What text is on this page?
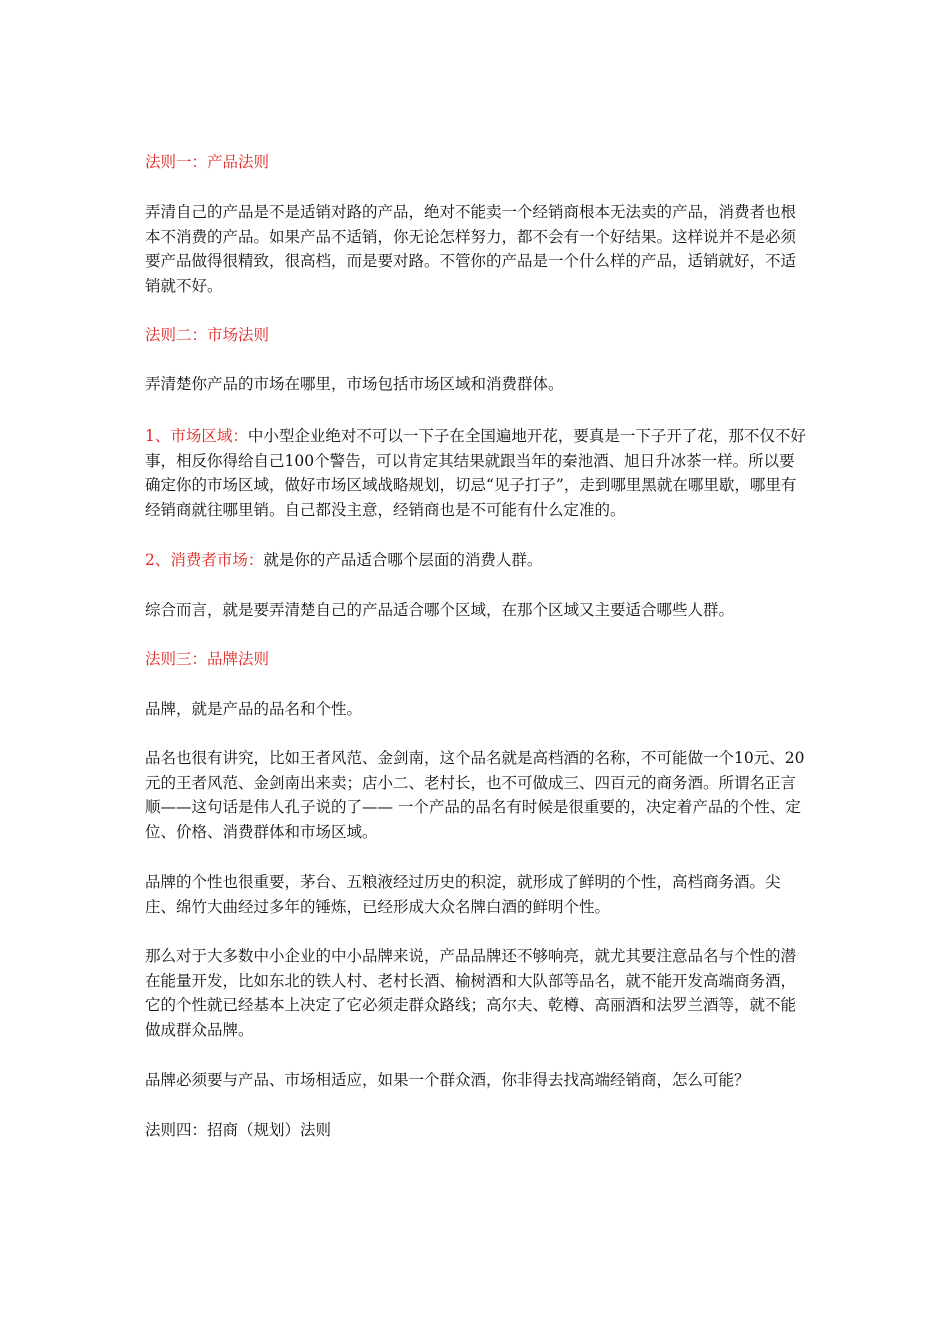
法则一：产品法则

弄清自己的产品是不是适销对路的产品，绝对不能卖一个经销商根本无法卖的产品，消费者也根本不消费的产品。如果产品不适销，你无论怎样努力，都不会有一个好结果。这样说并不是必须要产品做得很精致，很高档，而是要对路。不管你的产品是一个什么样的产品，适销就好，不适销就不好。

法则二：市场法则

弄清楚你产品的市场在哪里，市场包括市场区域和消费群体。

1、市场区域：中小型企业绝对不可以一下子在全国遍地开花，要真是一下子开了花，那不仅不好事，相反你得给自己100个警告，可以肯定其结果就跟当年的秦池酒、旭日升冰茶一样。所以要确定你的市场区域，做好市场区域战略规划，切忌“见子打子”，走到哪里黑就在哪里歇，哪里有经销商就往哪里销。自己都没主意，经销商也是不可能有什么定准的。

2、消费者市场：就是你的产品适合哪个层面的消费人群。

综合而言，就是要弄清楚自己的产品适合哪个区域，在那个区域又主要适合哪些人群。

法则三：品牌法则

品牌，就是产品的品名和个性。

品名也很有讲究，比如王者风范、金剑南，这个品名就是高档酒的名称，不可能做一个10元、20元的王者风范、金剑南出来卖；店小二、老村长，也不可做成三、四百元的商务酒。所谓名正言顺——这句话是伟人孔子说的了—— 一个产品的品名有时候是很重要的，决定着产品的个性、定位、价格、消费群体和市场区域。

品牌的个性也很重要，茅台、五粮液经过历史的积淀，就形成了鲜明的个性，高档商务酒。尖庄、绵竹大曲经过多年的锤炼，已经形成大众名牌白酒的鲜明个性。

那么对于大多数中小企业的中小品牌来说，产品品牌还不够响亮，就尤其要注意品名与个性的潜在能量开发，比如东北的铁人村、老村长酒、榆树酒和大队部等品名，就不能开发高端商务酒，它的个性就已经基本上决定了它必须走群众路线；高尔夫、乾樽、高丽酒和法罗兰酒等，就不能做成群众品牌。

品牌必须要与产品、市场相适应，如果一个群众酒，你非得去找高端经销商，怎么可能？

法则四：招商（规划）法则
